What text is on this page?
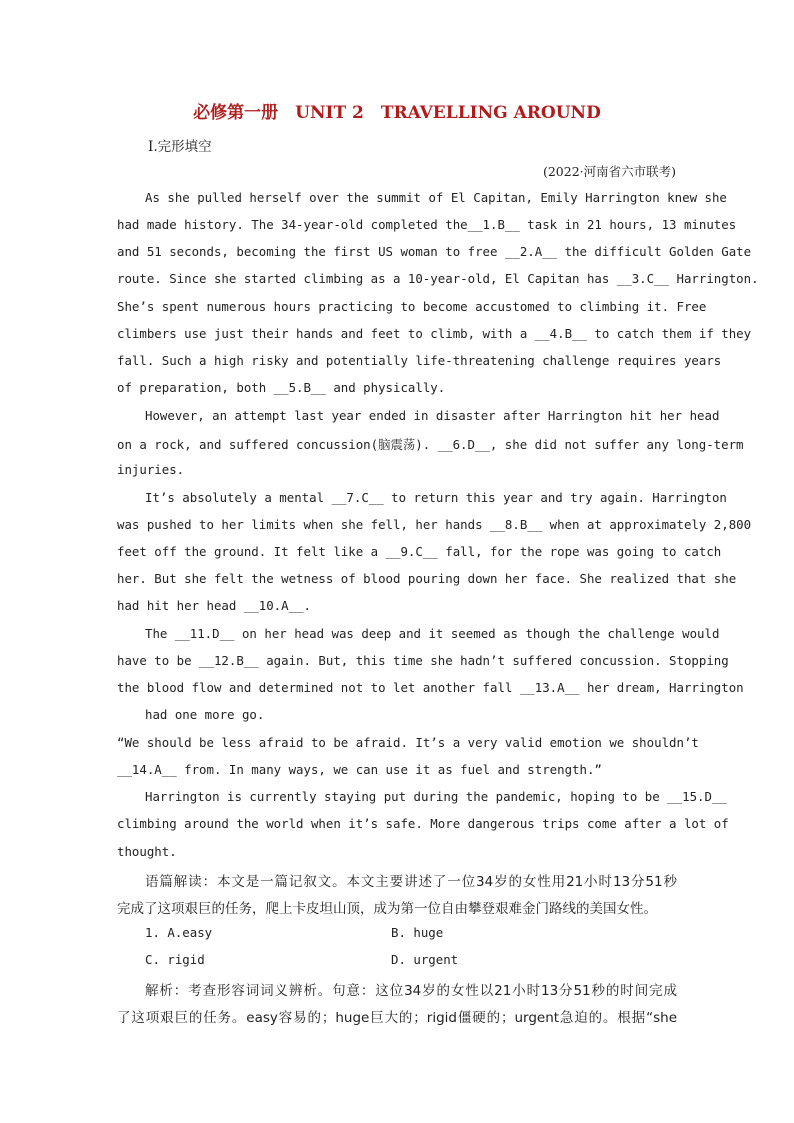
必修第一册　UNIT 2　TRAVELLING AROUND
Ⅰ.完形填空
(2022·河南省六市联考)
As she pulled herself over the summit of El Capitan, Emily Harrington knew she
had made history. The 34-year-old completed the__1.B__ task in 21 hours, 13 minutes
and 51 seconds, becoming the first US woman to free __2.A__ the difficult Golden Gate
route. Since she started climbing as a 10-year-old, El Capitan has __3.C__ Harrington.
She’s spent numerous hours practicing to become accustomed to climbing it. Free
climbers use just their hands and feet to climb, with a __4.B__ to catch them if they
fall. Such a high risky and potentially life-threatening challenge requires years
of preparation, both __5.B__ and physically.
However, an attempt last year ended in disaster after Harrington hit her head
on a rock, and suffered concussion(脑震荡). __6.D__, she did not suffer any long-term
injuries.
It’s absolutely a mental __7.C__ to return this year and try again. Harrington
was pushed to her limits when she fell, her hands __8.B__ when at approximately 2,800
feet off the ground. It felt like a __9.C__ fall, for the rope was going to catch
her. But she felt the wetness of blood pouring down her face. She realized that she
had hit her head __10.A__.
The __11.D__ on her head was deep and it seemed as though the challenge would
have to be __12.B__ again. But, this time she hadn’t suffered concussion. Stopping
the blood flow and determined not to let another fall __13.A__ her dream, Harrington
had one more go.
“We should be less afraid to be afraid. It’s a very valid emotion we shouldn’t
__14.A__ from. In many ways, we can use it as fuel and strength.”
Harrington is currently staying put during the pandemic, hoping to be __15.D__
climbing around the world when it’s safe. More dangerous trips come after a lot of
thought.
语篇解读：本文是一篇记叙文。本文主要讲述了一位34岁的女性用21小时13分51秒
完成了这项艰巨的任务，爬上卡皮坦山顶，成为第一位自由攀登艰难金门路线的美国女性。
1. A.easy	B. huge
C. rigid	D. urgent
解析：考查形容词词义辨析。句意：这位34岁的女性以21小时13分51秒的时间完成
了这项艰巨的任务。easy容易的；huge巨大的；rigid僵硬的；urgent急迫的。根据“she
